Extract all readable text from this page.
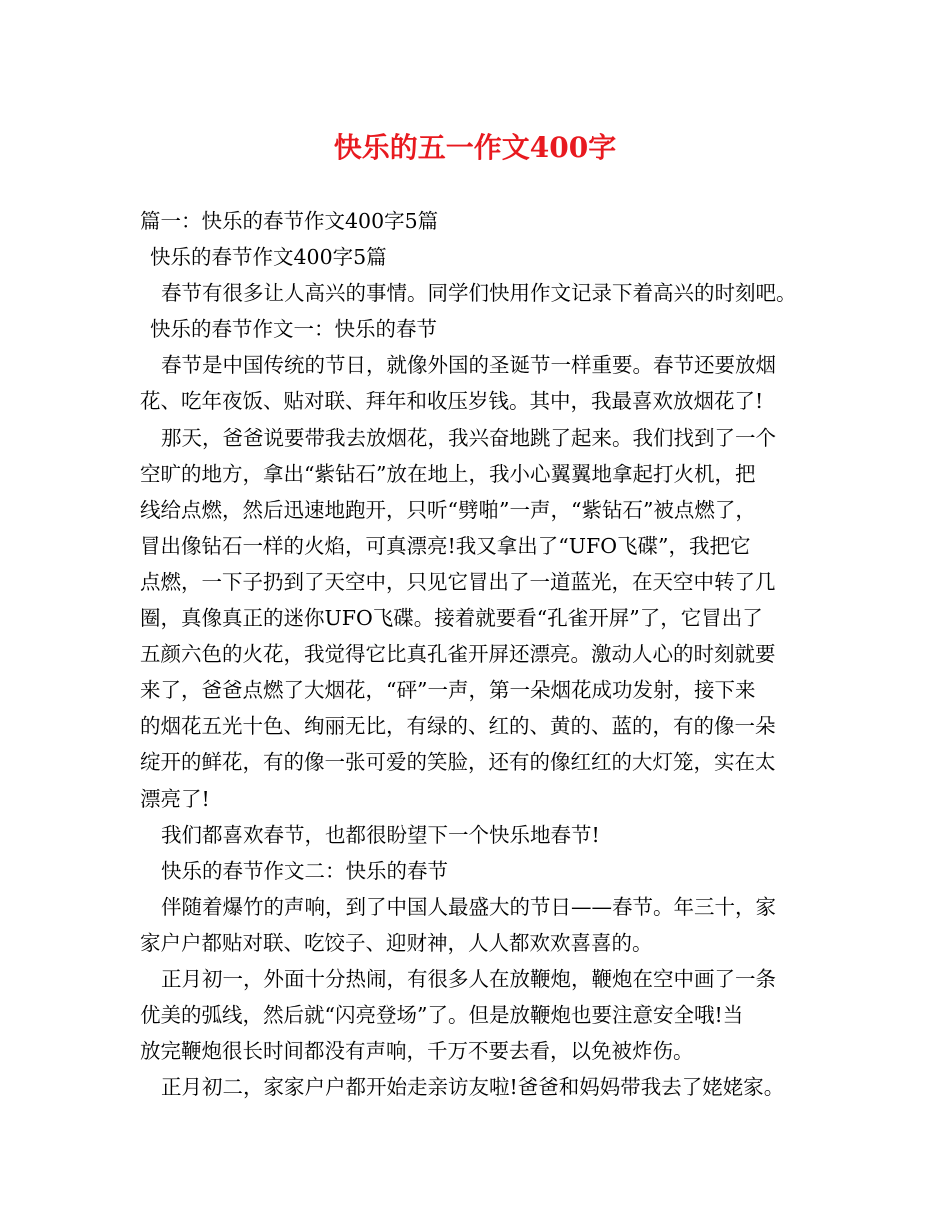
快乐的五一作文400字

篇一：快乐的春节作文400字5篇

快乐的春节作文400字5篇

春节有很多让人高兴的事情。同学们快用作文记录下着高兴的时刻吧。

快乐的春节作文一：快乐的春节

春节是中国传统的节日，就像外国的圣诞节一样重要。春节还要放烟

花、吃年夜饭、贴对联、拜年和收压岁钱。其中，我最喜欢放烟花了!

那天，爸爸说要带我去放烟花，我兴奋地跳了起来。我们找到了一个

空旷的地方，拿出“紫钻石”放在地上，我小心翼翼地拿起打火机，把

线给点燃，然后迅速地跑开，只听“劈啪”一声，“紫钻石”被点燃了，

冒出像钻石一样的火焰，可真漂亮!我又拿出了“UFO飞碟”，我把它

点燃，一下子扔到了天空中，只见它冒出了一道蓝光，在天空中转了几

圈，真像真正的迷你UFO飞碟。接着就要看“孔雀开屏”了，它冒出了

五颜六色的火花，我觉得它比真孔雀开屏还漂亮。激动人心的时刻就要

来了，爸爸点燃了大烟花，“砰”一声，第一朵烟花成功发射，接下来

的烟花五光十色、绚丽无比，有绿的、红的、黄的、蓝的，有的像一朵

绽开的鲜花，有的像一张可爱的笑脸，还有的像红红的大灯笼，实在太

漂亮了!

我们都喜欢春节，也都很盼望下一个快乐地春节!

快乐的春节作文二：快乐的春节

伴随着爆竹的声响，到了中国人最盛大的节日——春节。年三十，家

家户户都贴对联、吃饺子、迎财神，人人都欢欢喜喜的。

正月初一，外面十分热闹，有很多人在放鞭炮，鞭炮在空中画了一条

优美的弧线，然后就“闪亮登场”了。但是放鞭炮也要注意安全哦!当

放完鞭炮很长时间都没有声响，千万不要去看，以免被炸伤。

正月初二，家家户户都开始走亲访友啦!爸爸和妈妈带我去了姥姥家。
